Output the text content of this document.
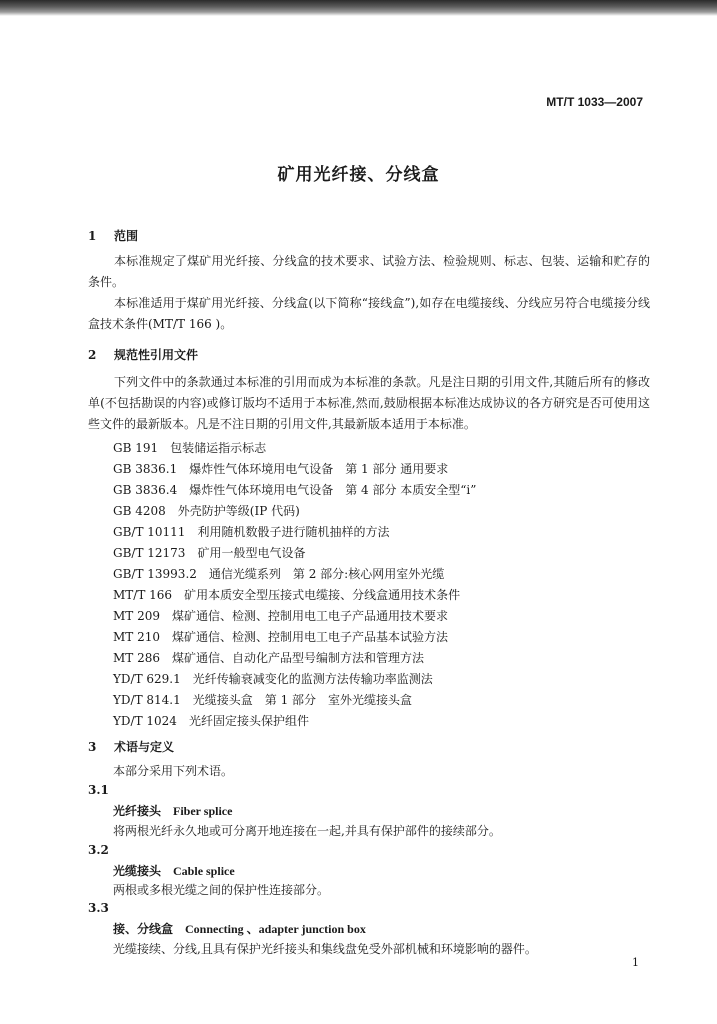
MT/T 1033—2007
矿用光纤接、分线盒
1 范围
本标准规定了煤矿用光纤接、分线盒的技术要求、试验方法、检验规则、标志、包装、运输和贮存的条件。
本标准适用于煤矿用光纤接、分线盒(以下简称“接线盒”),如存在电缆接线、分线应另符合电缆接分线盒技术条件(MT/T 166 )。
2 规范性引用文件
下列文件中的条款通过本标准的引用而成为本标准的条款。凡是注日期的引用文件,其随后所有的修改单(不包括勘误的内容)或修订版均不适用于本标准,然而,鼓励根据本标准达成协议的各方研究是否可使用这些文件的最新版本。凡是不注日期的引用文件,其最新版本适用于本标准。
GB 191 包装储运指示标志
GB 3836.1 爆炸性气体环境用电气设备　第 1 部分 通用要求
GB 3836.4 爆炸性气体环境用电气设备　第 4 部分 本质安全型“i”
GB 4208 外壳防护等级(IP 代码)
GB/T 10111 利用随机数骰子进行随机抽样的方法
GB/T 12173 矿用一般型电气设备
GB/T 13993.2 通信光缆系列　第 2 部分:核心网用室外光缆
MT/T 166 矿用本质安全型压接式电缆接、分线盒通用技术条件
MT 209 煤矿通信、检测、控制用电工电子产品通用技术要求
MT 210 煤矿通信、检测、控制用电工电子产品基本试验方法
MT 286 煤矿通信、自动化产品型号编制方法和管理方法
YD/T 629.1 光纤传输衰减变化的监测方法传输功率监测法
YD/T 814.1 光缆接头盒　第 1 部分　室外光缆接头盒
YD/T 1024 光纤固定接头保护组件
3 术语与定义
本部分采用下列术语。
3.1
光纤接头 Fiber splice
将两根光纤永久地或可分离开地连接在一起,并具有保护部件的接续部分。
3.2
光缆接头 Cable splice
两根或多根光缆之间的保护性连接部分。
3.3
接、分线盒 Connecting 、adapter junction box
光缆接续、分线,且具有保护光纤接头和集线盘免受外部机械和环境影响的器件。
1
